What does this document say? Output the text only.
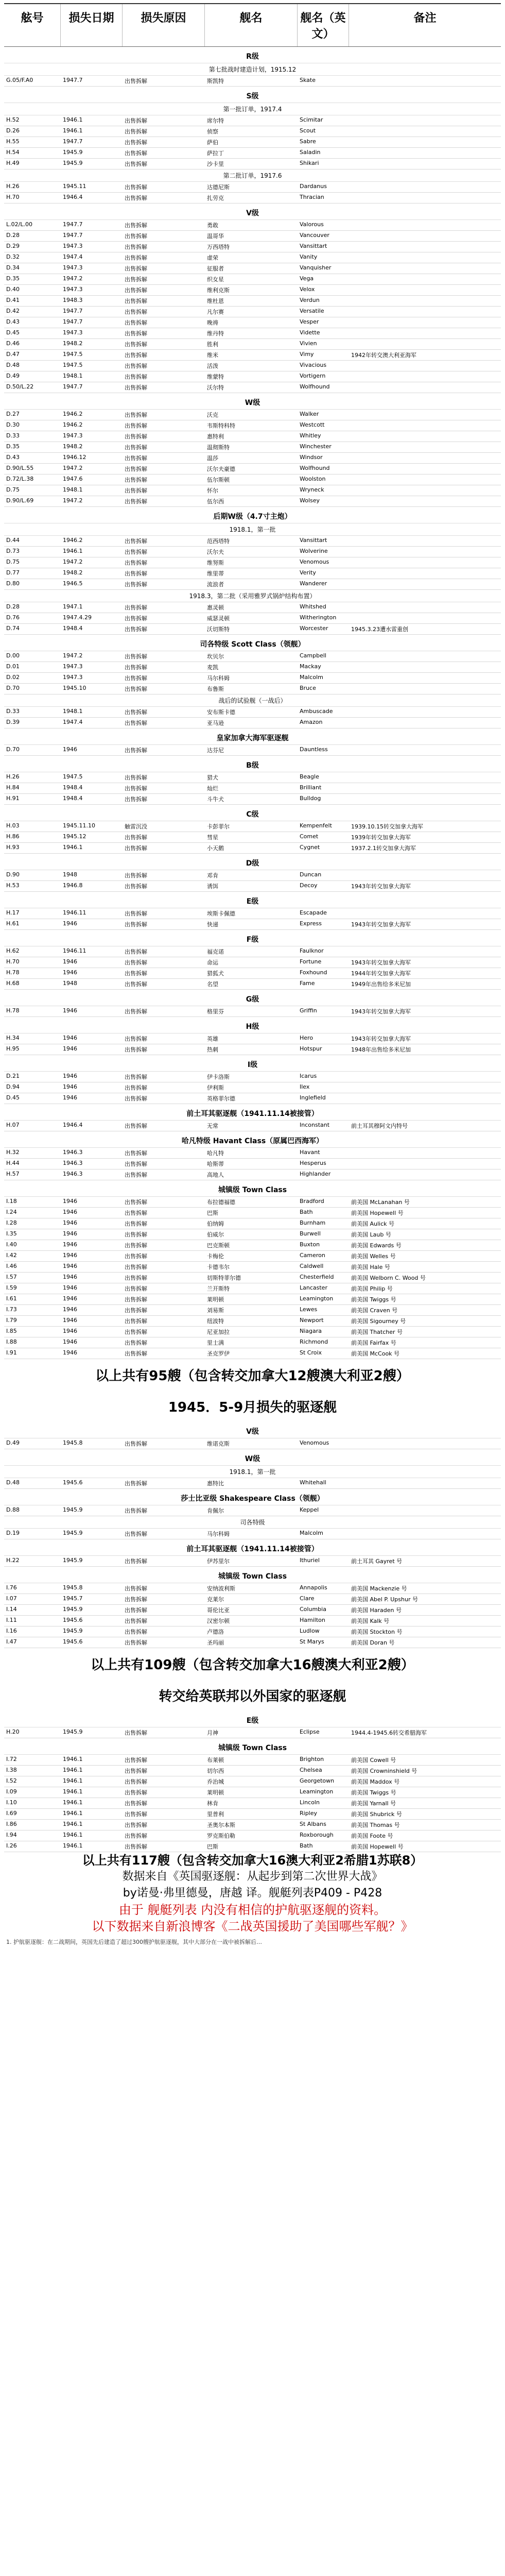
舷号	损失日期	损失原因	舰名	舰名（英文）
备注
R级
第七批战时建造计划，1915.12
G.05/F.A0	1947.7	出售拆解	斯凯特	Skate
S级
第一批订单，1917.4
H.52	1946.1	出售拆解	席尔特	Scimitar
D.26	1946.1	出售拆解	侦察	Scout
H.55	1947.7	出售拆解	萨伯	Sabre
H.54	1945.9	出售拆解	萨拉丁	Saladin
H.49	1945.9	出售拆解	沙卡里	Shikari
第二批订单，1917.6
H.26	1945.11	出售拆解	达德尼斯	Dardanus
H.70	1946.4	出售拆解	扎劳克	Thracian
V级
L.02/L.00	1947.7	出售拆解	勇敢	Valorous
D.28	1947.7	出售拆解	温哥华	Vancouver
D.29	1947.3	出售拆解	万西塔特	Vansittart
D.32	1947.4	出售拆解	虚荣	Vanity
D.34	1947.3	出售拆解	征服者	Vanquisher
D.35	1947.2	出售拆解	织女星	Vega
D.40	1947.3	出售拆解	维利克斯	Velox
D.41	1948.3	出售拆解	维杜恩	Verdun
D.42	1947.7	出售拆解	凡尔赛	Versatile
D.43	1947.7	出售拆解	晚祷	Vesper
D.45	1947.3	出售拆解	维丹特	Vidette
D.46	1948.2	出售拆解	胜利	Vivien
D.47	1947.5	出售拆解	维米	Vimy	1942年转交澳大利亚海军
D.48	1947.5	出售拆解	活泼	Vivacious
D.49	1948.1	出售拆解	维蒙特	Vortigern
D.50/L.22	1947.7	出售拆解	沃尔特	Wolfhound
W级
D.27	1946.2	出售拆解	沃克	Walker
D.30	1946.2	出售拆解	韦斯特科特	Westcott
D.33	1947.3	出售拆解	惠特利	Whitley
D.35	1948.2	出售拆解	温彻斯特	Winchester
D.43	1946.12	出售拆解	温莎	Windsor
D.90/L.55	1947.2	出售拆解	沃尔夫豪德	Wolfhound
D.72/L.38	1947.6	出售拆解	伍尔斯顿	Woolston
D.75	1948.1	出售拆解	怀尔	Wryneck
D.90/L.69	1947.2	出售拆解	伍尔西	Wolsey
后期W级（4.7寸主炮）
1918.1，第一批
D.44	1946.2	出售拆解	范西塔特	Vansittart
D.73	1946.1	出售拆解	沃尔夫	Wolverine
D.75	1947.2	出售拆解	维努斯	Venomous
D.77	1948.2	出售拆解	维里蒂	Verity
D.80	1946.5	出售拆解	流浪者	Wanderer
1918.3，第二批（采用雅罗式锅炉结构布置）
D.28	1947.1	出售拆解	惠灵顿	Whitshed
D.76	1947.4.29	出售拆解	威瑟灵顿	Witherington
D.74	1948.4	出售拆解	沃切斯特	Worcester	1945.3.23遭水雷重创
司各特级 Scott Class（领舰）
D.00	1947.2	出售拆解	坎贝尔	Campbell
D.01	1947.3	出售拆解	麦凯	Mackay
D.02	1947.3	出售拆解	马尔科姆	Malcolm
D.70	1945.10	出售拆解	布鲁斯	Bruce
战后的试验舰（一战后）
D.33	1948.1	出售拆解	安布斯卡德	Ambuscade
D.39	1947.4	出售拆解	亚马逊	Amazon
皇家加拿大海军驱逐舰
D.70	1946	出售拆解	达芬尼	Dauntless
B级
H.26	1947.5	出售拆解	猎犬	Beagle
H.84	1948.4	出售拆解	灿烂	Brilliant
H.91	1948.4	出售拆解	斗牛犬	Bulldog
C级
H.03	1945.11.10	触雷沉没	卡彭菲尔	Kempenfelt	1939.10.15转交加拿大海军
H.86	1945.12	出售拆解	彗星	Comet	1939年转交加拿大海军
H.93	1946.1	出售拆解	小天鹅	Cygnet	1937.2.1转交加拿大海军
D级
D.90	1948	出售拆解	邓肯	Duncan
H.53	1946.8	出售拆解	诱饵	Decoy	1943年转交加拿大海军
E级
H.17	1946.11	出售拆解	埃斯卡佩德	Escapade
H.61	1946	出售拆解	快递	Express	1943年转交加拿大海军
F级
H.62	1946.11	出售拆解	福克诺	Faulknor
H.70	1946	出售拆解	命运	Fortune	1943年转交加拿大海军
H.78	1946	出售拆解	猎狐犬	Foxhound	1944年转交加拿大海军
H.68	1948	出售拆解	名望	Fame	1949年出售给多米尼加
G级
H.78	1946	出售拆解	格里芬	Griffin	1943年转交加拿大海军
H级
H.34	1946	出售拆解	英雄	Hero	1943年转交加拿大海军
H.95	1946	出售拆解	热刺	Hotspur	1948年出售给多米尼加
I级
D.21	1946	出售拆解	伊卡洛斯	Icarus
D.94	1946	出售拆解	伊利斯	Ilex
D.45	1946	出售拆解	英格菲尔德	Inglefield
前土耳其驱逐舰（1941.11.14被接管）
H.07	1946.4	出售拆解	无常	Inconstant	前土耳其穆阿文内特号
哈凡特级 Havant Class（原属巴西海军）
H.32	1946.3	出售拆解	哈凡特	Havant
H.44	1946.3	出售拆解	哈斯蒂	Hesperus
H.57	1946.3	出售拆解	高地人	Highlander
城镇级 Town Class
I.18	1946	出售拆解	布拉德福德	Bradford	前美国 McLanahan 号
I.24	1946	出售拆解	巴斯	Bath	前美国 Hopewell 号
I.28	1946	出售拆解	伯纳姆	Burnham	前美国 Aulick 号
I.35	1946	出售拆解	伯威尔	Burwell	前美国 Laub 号
I.40	1946	出售拆解	巴克斯顿	Buxton	前美国 Edwards 号
I.42	1946	出售拆解	卡梅伦	Cameron	前美国 Welles 号
I.46	1946	出售拆解	卡德韦尔	Caldwell	前美国 Hale 号
I.57	1946	出售拆解	切斯特菲尔德	Chesterfield	前美国 Welborn C. Wood 号
I.59	1946	出售拆解	兰开斯特	Lancaster	前美国 Philip 号
I.61	1946	出售拆解	莱明顿	Leamington	前美国 Twiggs 号
I.73	1946	出售拆解	刘易斯	Lewes	前美国 Craven 号
I.79	1946	出售拆解	纽波特	Newport	前美国 Sigourney 号
I.85	1946	出售拆解	尼亚加拉	Niagara	前美国 Thatcher 号
I.88	1946	出售拆解	里士满	Richmond	前美国 Fairfax 号
I.91	1946	出售拆解	圣克罗伊	St Croix	前美国 McCook 号
以上共有95艘（包含转交加拿大12艘澳大利亚2艘）
1945．5-9月损失的驱逐舰
V级
D.49	1945.8	出售拆解	维诺克斯	Venomous
W级
1918.1，第一批
D.48	1945.6	出售拆解	惠特比	Whitehall
莎士比亚级 Shakespeare Class（领舰）
D.88	1945.9	出售拆解	肯佩尔	Keppel
司各特级
D.19	1945.9	出售拆解	马尔科姆	Malcolm
前土耳其驱逐舰（1941.11.14被接管）
H.22	1945.9	出售拆解	伊苏里尔	Ithuriel	前土耳其 Gayret 号
城镇级 Town Class
I.76	1945.8	出售拆解	安纳波利斯	Annapolis	前美国 Mackenzie 号
I.07	1945.7	出售拆解	克莱尔	Clare	前美国 Abel P. Upshur 号
I.14	1945.9	出售拆解	哥伦比亚	Columbia	前美国 Haraden 号
I.11	1945.6	出售拆解	汉密尔顿	Hamilton	前美国 Kalk 号
I.16	1945.9	出售拆解	卢德洛	Ludlow	前美国 Stockton 号
I.47	1945.6	出售拆解	圣玛丽	St Marys	前美国 Doran 号
以上共有109艘（包含转交加拿大16艘澳大利亚2艘）
转交给英联邦以外国家的驱逐舰
E级
H.20	1945.9	出售拆解	月神	Eclipse	1944.4-1945.6转交希腊海军
城镇级 Town Class
I.72	1946.1	出售拆解	布莱顿	Brighton	前美国 Cowell 号
I.38	1946.1	出售拆解	切尔西	Chelsea	前美国 Crowninshield 号
I.52	1946.1	出售拆解	乔治城	Georgetown	前美国 Maddox 号
I.09	1946.1	出售拆解	莱明顿	Leamington	前美国 Twiggs 号
I.10	1946.1	出售拆解	林肯	Lincoln	前美国 Yarnall 号
I.69	1946.1	出售拆解	里普利	Ripley	前美国 Shubrick 号
I.86	1946.1	出售拆解	圣奥尔本斯	St Albans	前美国 Thomas 号
I.94	1946.1	出售拆解	罗克斯伯勒	Roxborough	前美国 Foote 号
I.26	1946.1	出售拆解	巴斯	Bath	前美国 Hopewell 号
以上共有117艘（包含转交加拿大16澳大利亚2希腊1苏联8）
数据来自《英国驱逐舰：从起步到第二次世界大战》
by诺曼·弗里德曼，唐越 译。舰艇列表P409 - P428
由于 舰艇列表 内没有相信的护航驱逐舰的资料。
以下数据来自新浪博客《二战英国援助了美国哪些军舰？》
1. 护航驱逐舰：在二战期间，英国先后建造了超过300艘护航驱逐舰，其中大部分在一战中被拆解后…
